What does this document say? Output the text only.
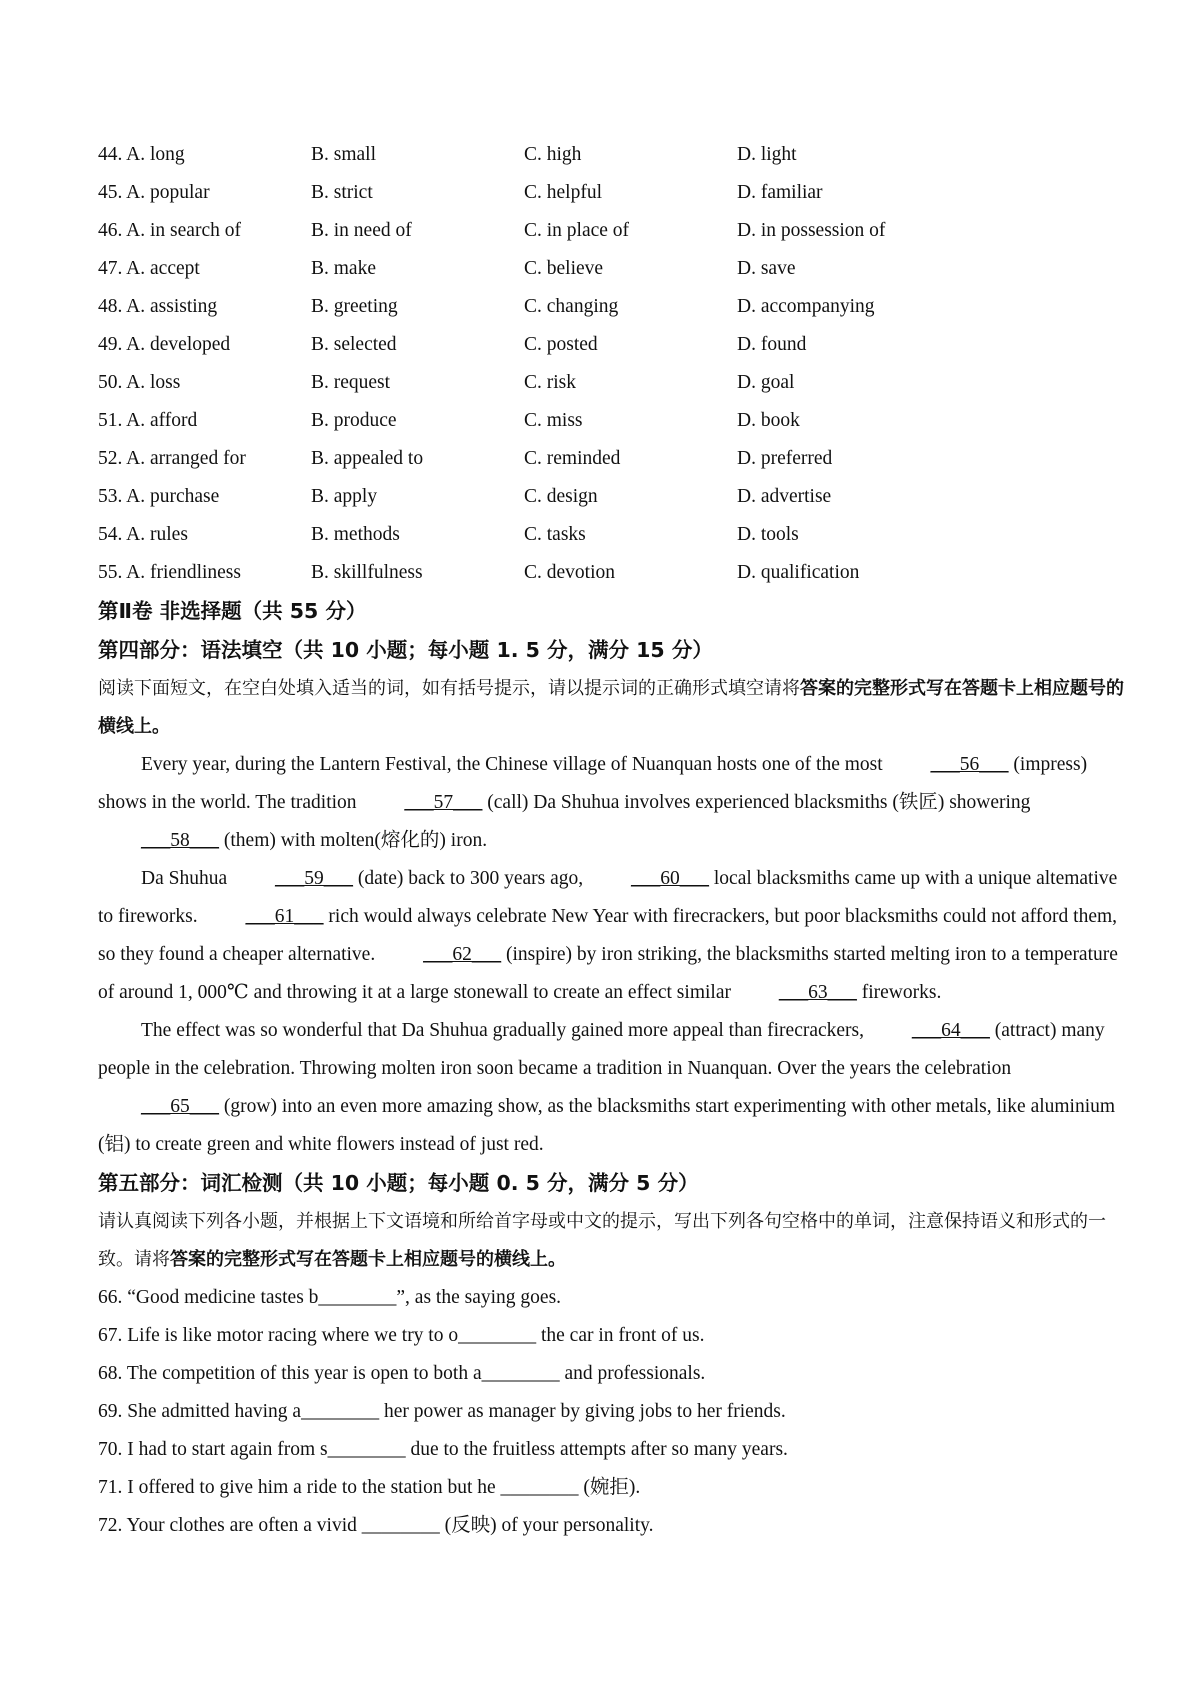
44. A. long	B. small	C. high	D. light
45. A. popular	B. strict	C. helpful	D. familiar
46. A. in search of	B. in need of	C. in place of	D. in possession of
47. A. accept	B. make	C. believe	D. save
48. A. assisting	B. greeting	C. changing	D. accompanying
49. A. developed	B. selected	C. posted	D. found
50. A. loss	B. request	C. risk	D. goal
51. A. afford	B. produce	C. miss	D. book
52. A. arranged for	B. appealed to	C. reminded	D. preferred
53. A. purchase	B. apply	C. design	D. advertise
54. A. rules	B. methods	C. tasks	D. tools
55. A. friendliness	B. skillfulness	C. devotion	D. qualification
第Ⅱ卷 非选择题（共 55 分）
第四部分：语法填空（共 10 小题；每小题 1. 5 分，满分 15 分）
阅读下面短文，在空白处填入适当的词，如有括号提示，请以提示词的正确形式填空请将答案的完整形式写在答题卡上相应题号的横线上。

Every year, during the Lantern Festival, the Chinese village of Nuanquan hosts one of the most ___56___ (impress) shows in the world. The tradition ___57___ (call) Da Shuhua involves experienced blacksmiths (铁匠) showering ___58___ (them) with molten(熔化的) iron.

Da Shuhua ___59___ (date) back to 300 years ago, ___60___ local blacksmiths came up with a unique altemative to fireworks. ___61___ rich would always celebrate New Year with firecrackers, but poor blacksmiths could not afford them, so they found a cheaper alternative. ___62___ (inspire) by iron striking, the blacksmiths started melting iron to a temperature of around 1, 000℃ and throwing it at a large stonewall to create an effect similar ___63___ fireworks.

The effect was so wonderful that Da Shuhua gradually gained more appeal than firecrackers, ___64___ (attract) many people in the celebration. Throwing molten iron soon became a tradition in Nuanquan. Over the years the celebration ___65___ (grow) into an even more amazing show, as the blacksmiths start experimenting with other metals, like aluminium (铝) to create green and white flowers instead of just red.

第五部分：词汇检测（共 10 小题；每小题 0. 5 分，满分 5 分）
请认真阅读下列各小题，并根据上下文语境和所给首字母或中文的提示，写出下列各句空格中的单词，注意保持语义和形式的一致。请将答案的完整形式写在答题卡上相应题号的横线上。
66. “Good medicine tastes b________”, as the saying goes.
67. Life is like motor racing where we try to o________ the car in front of us.
68. The competition of this year is open to both a________ and professionals.
69. She admitted having a________ her power as manager by giving jobs to her friends.
70. I had to start again from s________ due to the fruitless attempts after so many years.
71. I offered to give him a ride to the station but he ________ (婉拒).
72. Your clothes are often a vivid ________ (反映) of your personality.
